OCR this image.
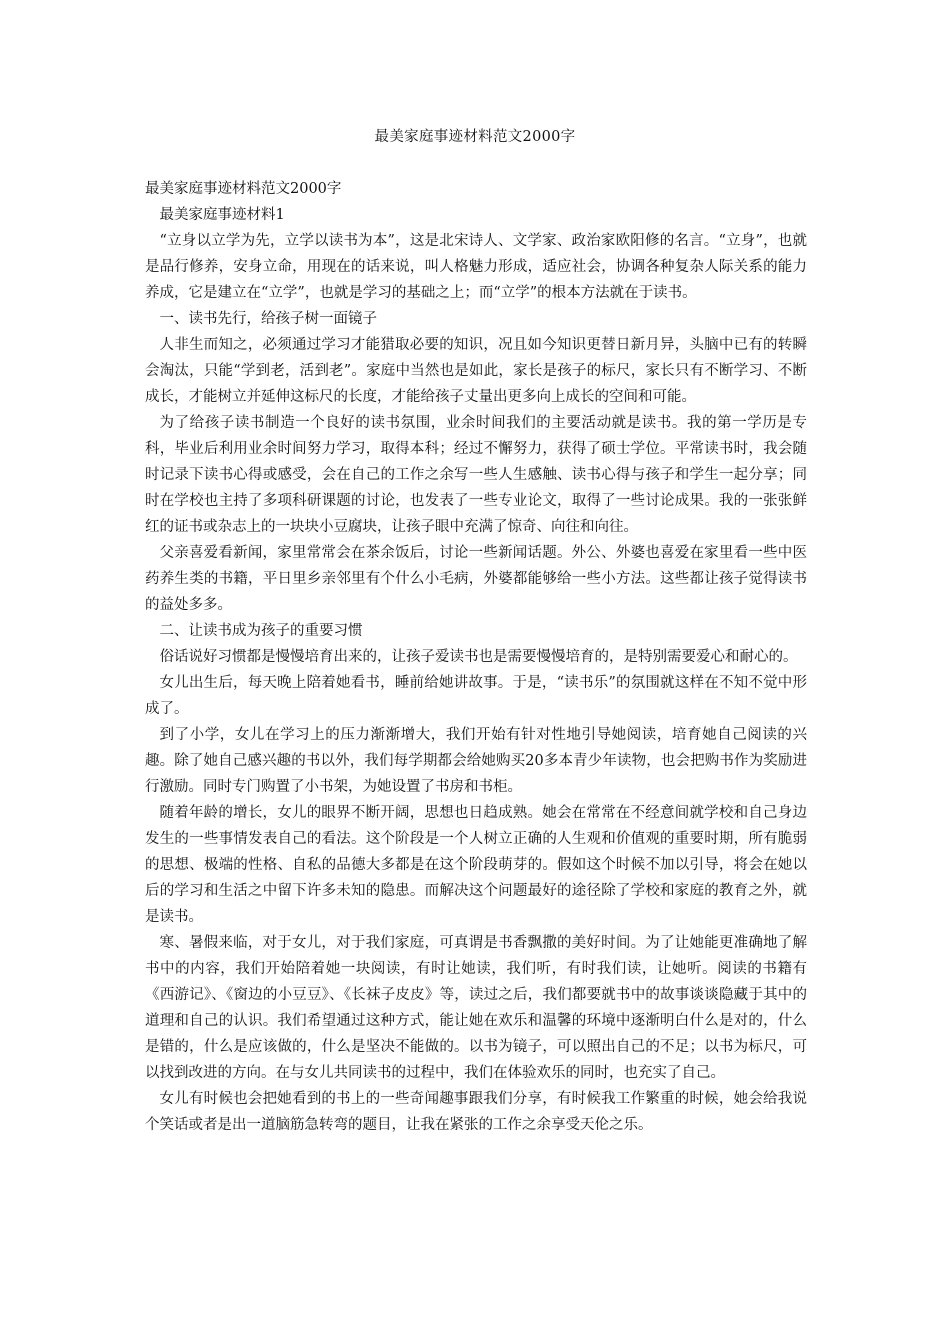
最美家庭事迹材料范文2000字

最美家庭事迹材料范文2000字

最美家庭事迹材料1

“立身以立学为先，立学以读书为本”，这是北宋诗人、文学家、政治家欧阳修的名言。“立身”，也就是品行修养，安身立命，用现在的话来说，叫人格魅力形成，适应社会，协调各种复杂人际关系的能力养成，它是建立在“立学”，也就是学习的基础之上；而“立学”的根本方法就在于读书。

一、读书先行，给孩子树一面镜子

人非生而知之，必须通过学习才能猎取必要的知识，况且如今知识更替日新月异，头脑中已有的转瞬会淘汰，只能“学到老，活到老”。家庭中当然也是如此，家长是孩子的标尺，家长只有不断学习、不断成长，才能树立并延伸这标尺的长度，才能给孩子丈量出更多向上成长的空间和可能。

为了给孩子读书制造一个良好的读书氛围，业余时间我们的主要活动就是读书。我的第一学历是专科，毕业后利用业余时间努力学习，取得本科；经过不懈努力，获得了硕士学位。平常读书时，我会随时记录下读书心得或感受，会在自己的工作之余写一些人生感触、读书心得与孩子和学生一起分享；同时在学校也主持了多项科研课题的讨论，也发表了一些专业论文，取得了一些讨论成果。我的一张张鲜红的证书或杂志上的一块块小豆腐块，让孩子眼中充满了惊奇、向往和向往。

父亲喜爱看新闻，家里常常会在茶余饭后，讨论一些新闻话题。外公、外婆也喜爱在家里看一些中医药养生类的书籍，平日里乡亲邻里有个什么小毛病，外婆都能够给一些小方法。这些都让孩子觉得读书的益处多多。

二、让读书成为孩子的重要习惯

俗话说好习惯都是慢慢培育出来的，让孩子爱读书也是需要慢慢培育的，是特别需要爱心和耐心的。

女儿出生后，每天晚上陪着她看书，睡前给她讲故事。于是，“读书乐”的氛围就这样在不知不觉中形成了。

到了小学，女儿在学习上的压力渐渐增大，我们开始有针对性地引导她阅读，培育她自己阅读的兴趣。除了她自己感兴趣的书以外，我们每学期都会给她购买20多本青少年读物，也会把购书作为奖励进行激励。同时专门购置了小书架，为她设置了书房和书柜。

随着年龄的增长，女儿的眼界不断开阔，思想也日趋成熟。她会在常常在不经意间就学校和自己身边发生的一些事情发表自己的看法。这个阶段是一个人树立正确的人生观和价值观的重要时期，所有脆弱的思想、极端的性格、自私的品德大多都是在这个阶段萌芽的。假如这个时候不加以引导，将会在她以后的学习和生活之中留下许多未知的隐患。而解决这个问题最好的途径除了学校和家庭的教育之外，就是读书。

寒、暑假来临，对于女儿，对于我们家庭，可真谓是书香飘撒的美好时间。为了让她能更准确地了解书中的内容，我们开始陪着她一块阅读，有时让她读，我们听，有时我们读，让她听。阅读的书籍有《西游记》、《窗边的小豆豆》、《长袜子皮皮》等，读过之后，我们都要就书中的故事谈谈隐藏于其中的道理和自己的认识。我们希望通过这种方式，能让她在欢乐和温馨的环境中逐渐明白什么是对的，什么是错的，什么是应该做的，什么是坚决不能做的。以书为镜子，可以照出自己的不足；以书为标尺，可以找到改进的方向。在与女儿共同读书的过程中，我们在体验欢乐的同时，也充实了自己。

女儿有时候也会把她看到的书上的一些奇闻趣事跟我们分享，有时候我工作繁重的时候，她会给我说个笑话或者是出一道脑筋急转弯的题目，让我在紧张的工作之余享受天伦之乐。
